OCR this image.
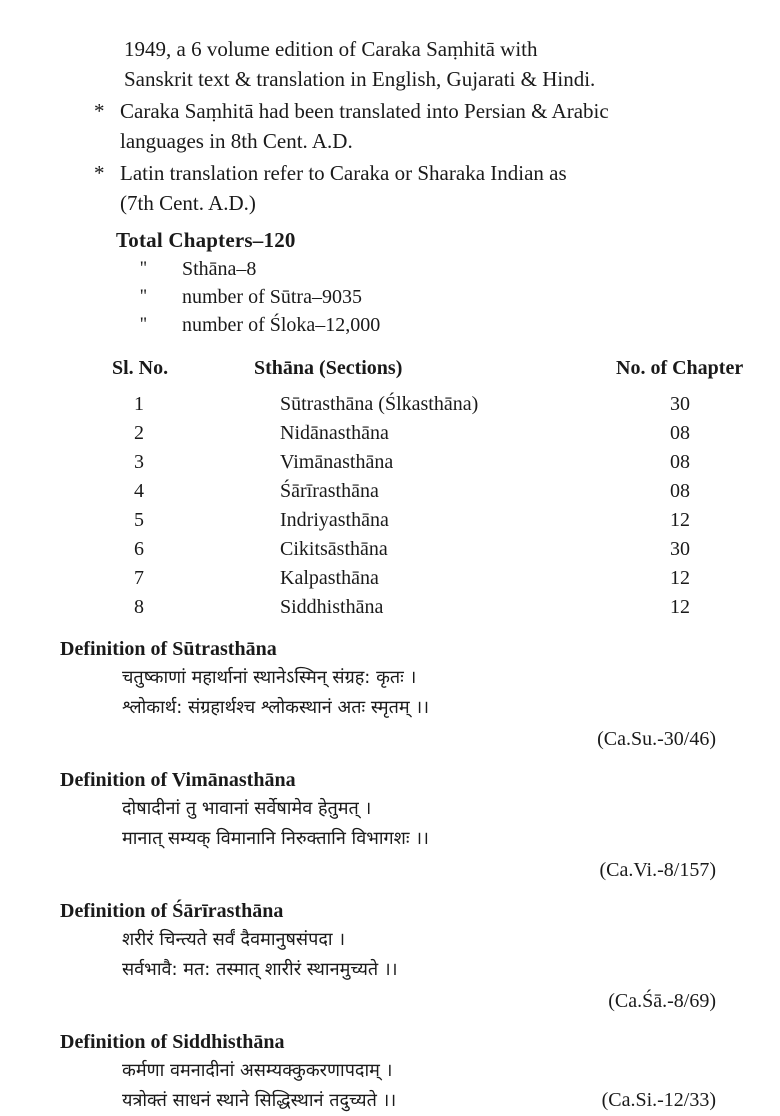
1949, a 6 volume edition of Caraka Saṃhitā with
Sanskrit text & translation in English, Gujarati & Hindi.
* Caraka Saṃhitā had been translated into Persian & Arabic
languages in 8th Cent. A.D.
* Latin translation refer to Caraka or Sharaka Indian as
(7th Cent. A.D.)
Total Chapters–120
''	Sthāna–8
''	number of Sūtra–9035
''	number of Śloka–12,000
Sl. No.	Sthāna (Sections)	No. of Chapter
1	Sūtrasthāna (Ślkasthāna)	30
2	Nidānasthāna	08
3	Vimānasthāna	08
4	Śārīrasthāna	08
5	Indriyasthāna	12
6	Cikitsāsthāna	30
7	Kalpasthāna	12
8	Siddhisthāna	12
Definition of Sūtrasthāna
चतुष्काणां महार्थानां स्थानेऽस्मिन् संग्रह: कृतः ।
श्लोकार्थ: संग्रहार्थश्च श्लोकस्थानं अतः स्मृतम् ।।
(Ca.Su.-30/46)
Definition of Vimānasthāna
दोषादीनां तु भावानां सर्वेषामेव हेतुमत् ।
मानात् सम्यक् विमानानि निरुक्तानि विभागशः ।।
(Ca.Vi.-8/157)
Definition of Śārīrasthāna
शरीरं चिन्त्यते सर्वं दैवमानुषसंपदा ।
सर्वभावै: मत: तस्मात् शारीरं स्थानमुच्यते ।।
(Ca.Śā.-8/69)
Definition of Siddhisthāna
कर्मणा वमनादीनां असम्यक्कुकरणापदाम् ।
यत्रोक्तं साधनं स्थाने सिद्धिस्थानं तदुच्यते ।।	(Ca.Si.-12/33)
